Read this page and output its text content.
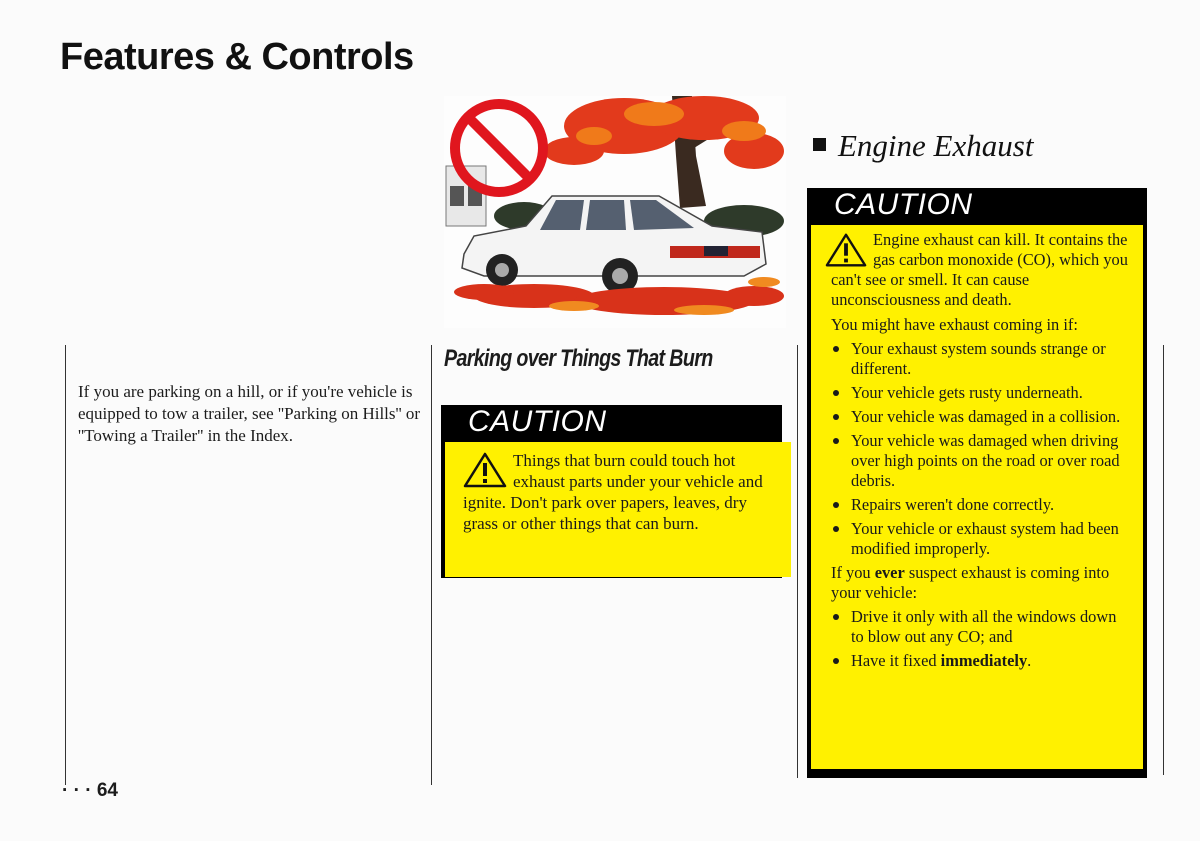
Features & Controls
If you are parking on a hill, or if you're vehicle is equipped to tow a trailer, see ''Parking on Hills'' or ''Towing a Trailer'' in the Index.
· · · 64
Parking over Things That Burn
CAUTION
Things that burn could touch hot exhaust parts under your vehicle and ignite. Don't park over papers, leaves, dry grass or other things that can burn.
Engine Exhaust
CAUTION

Engine exhaust can kill. It contains the gas carbon monoxide (CO), which you can't see or smell. It can cause unconsciousness and death.

You might have exhaust coming in if:

Your exhaust system sounds strange or different.
Your vehicle gets rusty underneath.
Your vehicle was damaged in a collision.
Your vehicle was damaged when driving over high points on the road or over road debris.
Repairs weren't done correctly.
Your vehicle or exhaust system had been modified improperly.

If you ever suspect exhaust is coming into your vehicle:

Drive it only with all the windows down to blow out any CO; and
Have it fixed immediately.
